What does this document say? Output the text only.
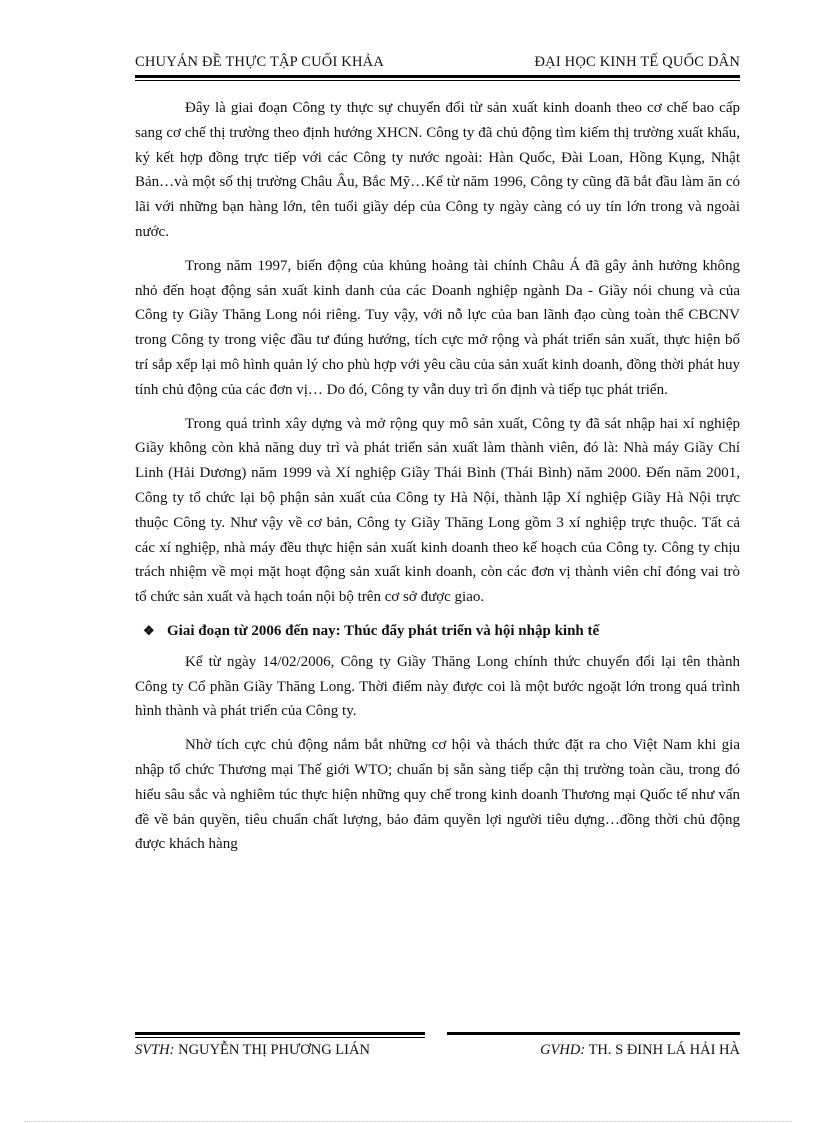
CHUYÁN ĐỀ THỰC TẬP CUỐI KHẢA	ĐẠI HỌC KINH TẾ QUỐC DÂN

Đây là giai đoạn Công ty thực sự chuyển đổi từ sản xuất kinh doanh theo cơ chế bao cấp sang cơ chế thị trường theo định hướng XHCN. Công ty đã chủ động tìm kiếm thị trường xuất khẩu, ký kết hợp đồng trực tiếp với các Công ty nước ngoài: Hàn Quốc, Đài Loan, Hồng Kụng, Nhật Bản…và một số thị trường Châu Âu, Bắc Mỹ…Kể từ năm 1996, Công ty cũng đã bắt đầu làm ăn có lãi với những bạn hàng lớn, tên tuổi giầy dép của Công ty ngày càng có uy tín lớn trong và ngoài nước.

Trong năm 1997, biến động của khủng hoảng tài chính Châu Á đã gây ảnh hưởng không nhỏ đến hoạt động sản xuất kinh danh của các Doanh nghiệp ngành Da - Giầy nói chung và của Công ty Giầy Thăng Long nói riêng. Tuy vậy, với nỗ lực của ban lãnh đạo cùng toàn thể CBCNV trong Công ty trong việc đầu tư đúng hướng, tích cực mở rộng và phát triển sản xuất, thực hiện bố trí sắp xếp lại mô hình quản lý cho phù hợp với yêu cầu của sản xuất kinh doanh, đồng thời phát huy tính chủ động của các đơn vị… Do đó, Công ty vẫn duy trì ổn định và tiếp tục phát triển.

Trong quá trình xây dựng và mở rộng quy mô sản xuất, Công ty đã sát nhập hai xí nghiệp Giầy không còn khả năng duy trì và phát triển sản xuất làm thành viên, đó là: Nhà máy Giầy Chí Linh (Hải Dương) năm 1999 và Xí nghiệp Giầy Thái Bình (Thái Bình) năm 2000. Đến năm 2001, Công ty tổ chức lại bộ phận sản xuất của Công ty Hà Nội, thành lập Xí nghiệp Giầy Hà Nội trực thuộc Công ty. Như vậy về cơ bản, Công ty Giầy Thăng Long gồm 3 xí nghiệp trực thuộc. Tất cả các xí nghiệp, nhà máy đều thực hiện sản xuất kinh doanh theo kế hoạch của Công ty. Công ty chịu trách nhiệm về mọi mặt hoạt động sản xuất kinh doanh, còn các đơn vị thành viên chỉ đóng vai trò tổ chức sản xuất và hạch toán nội bộ trên cơ sở được giao.

❖ Giai đoạn từ 2006 đến nay: Thúc đẩy phát triển và hội nhập kinh tế

Kể từ ngày 14/02/2006, Công ty Giầy Thăng Long chính thức chuyển đổi lại tên thành Công ty Cổ phần Giầy Thăng Long. Thời điểm này được coi là một bước ngoặt lớn trong quá trình hình thành và phát triển của Công ty.

Nhờ tích cực chủ động nắm bắt những cơ hội và thách thức đặt ra cho Việt Nam khi gia nhập tổ chức Thương mại Thế giới WTO; chuẩn bị sẵn sàng tiếp cận thị trường toàn cầu, trong đó hiểu sâu sắc và nghiêm túc thực hiện những quy chế trong kinh doanh Thương mại Quốc tế như vấn đề về bản quyền, tiêu chuẩn chất lượng, bảo đảm quyền lợi người tiêu dựng…đồng thời chủ động được khách hàng

SVTH: NGUYỄN THỊ PHƯƠNG LIÁN	GVHD: TH. S ĐINH LÁ HẢI HÀ
